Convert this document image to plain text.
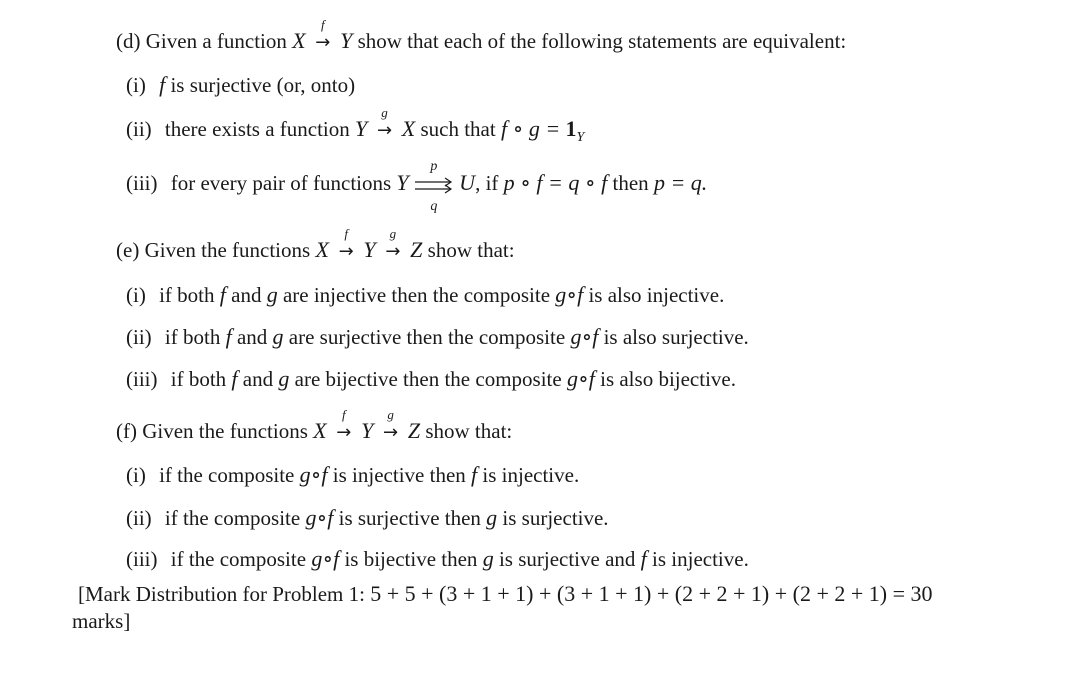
(d) Given a function X
f
→ Y show that each of the following statements are equivalent:
(i) f is surjective (or, onto)
(ii) there exists a function Y
g
→ X such that f ∘ $g = 1_Y$
(iii) for every pair of functions Y
p
q
U, if p ∘ f = q ∘ f then p = q.
(e) Given the functions X
f
→ Y
g
→ Z show that:
(i) if both f and g are injective then the composite g∘f is also injective.
(ii) if both f and g are surjective then the composite g∘f is also surjective.
(iii) if both f and g are bijective then the composite g∘f is also bijective.
(f) Given the functions X
f
→ Y
g
→ Z show that:
(i) if the composite g∘f is injective then f is injective.
(ii) if the composite g∘f is surjective then g is surjective.
(iii) if the composite g∘f is bijective then g is surjective and f is injective.
[Mark Distribution for Problem 1: 5 + 5 + (3 + 1 + 1) + (3 + 1 + 1) + (2 + 2 + 1) + (2 + 2 + 1) = 30
marks]
